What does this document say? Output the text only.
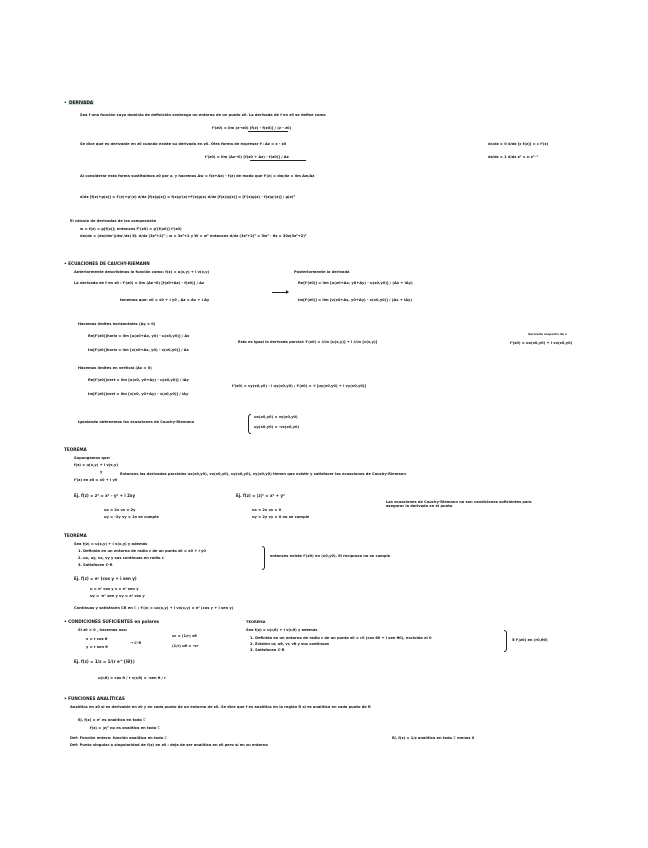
• DERIVADA
Sea f una función cuyo dominio de definición contenga un entorno de un punto z0. La derivada de f en z0 se define como
f'(z0) = lim (z→z0) [f(z) - f(z0)] / (z - z0)
Se dice que es derivable en z0 cuando existe su derivada en z0. Otra forma de expresar f': Δz = z - z0
f'(z0) = lim (Δz→0) [f(z0 + Δz) - f(z0)] / Δz
Al considerar esta forma sustituimos z0 por z, y hacemos Δw = f(z+Δz) - f(z) de modo que f'(z) = dw/dz = lim Δw/Δz
d/dz [f(z)+g(z)] = f'(z)+g'(z) d/dz [f(z)g(z)] = f(z)g'(z)+f'(z)g(z) d/dz [f(z)/g(z)] = [f'(z)g(z) - f(z)g'(z)] / g(z)²
dc/dz = 0 d/dz [c f(z)] = c f'(z)
dz/dz = 1 d/dz zⁿ = n zⁿ⁻¹
El cálculo de derivadas de las composición
w = f(z) = g[f(z)]; entonces F'(z0) = g'[f(z0)] f'(z0)
dw/dz = (dw/dw')(dw'/dz) Ej. d/dz (3z²+2)⁵ ; w = 3z²+2 y W = w⁵ entonces d/dz (3z²+2)⁵ = 5w⁴ · 6z = 30z(3z²+2)⁴
• ECUACIONES DE CAUCHY-RIEMANN
Anteriormente describimos la función como: f(z) = u(x,y) + i v(x,y)
La derivada de f en z0 : f'(z0) = lim (Δz→0) [f(z0+Δz) - f(z0)] / Δz
tenemos que: z0 = x0 + i y0 , Δz = Δx + i Δy
Posteriormente la derivada
Re[f'(z0)] = lim [u(x0+Δx, y0+Δy) - u(x0,y0)] / (Δx + iΔy)
Im[f'(z0)] = lim [v(x0+Δx, y0+Δy) - v(x0,y0)] / (Δx + iΔy)
Hacemos límites horizontales (Δy = 0)
Re[f'(z0)]horiz = lim [u(x0+Δx, y0) - u(x0,y0)] / Δx
Im[f'(z0)]horiz = lim [v(x0+Δx, y0) - v(x0,y0)] / Δx
Esto es igual la derivada parcial: f'(z0) = ∂/∂x [u(x,y)] + i ∂/∂x [v(x,y)]	f'(z0) = ux(x0,y0) + i vx(x0,y0)
derivada respecto de x
Hacemos límites en vertical (Δx = 0)
Re[f'(z0)]vert = lim [u(x0, y0+Δy) - u(x0,y0)] / iΔy
Im[f'(z0)]vert = lim [v(x0, y0+Δy) - v(x0,y0)] / iΔy
f'(z0) = vy(x0,y0) - i uy(x0,y0) ; f'(z0) = -i [uy(x0,y0) + i vy(x0,y0)]
Igualando obtenemos las ecuaciones de Cauchy-Riemann
ux(x0,y0) = vy(x0,y0)
uy(x0,y0) = -vx(x0,y0)
TEOREMA
Supongamos que:
f(z) = u(x,y) + i v(x,y)
y
f'(z) en z0 = x0 + i y0
Entonces las derivadas parciales ux(x0,y0), vx(x0,y0), uy(x0,y0), vy(x0,y0) tienen que existir y satisfacer las ecuaciones de Cauchy-Riemann
Ej. f(z) = z² = x² - y² + i 2xy
ux = 2x vx = 2y
uy = -2y vy = 2x se cumple
Ej. f(z) = |z|² = x² + y²
ux = 2x vx = 0
uy = 2y vy = 0 no se cumple
Las ecuaciones de Cauchy-Riemann no son condiciones suficientes para asegurar la derivada en el punto
TEOREMA
Sea f(z) = u(x,y) + i v(x,y) y además
1. Definida en un entorno de radio ε de un punto z0 = x0 + i y0
2. ux, uy, vx, vy y sus continuas en radio ε
3. Satisfacen C-R
entonces existe f'(z0) en (x0,y0). El recíproco no se cumple
Ej. f(z) = eˣ (cos y + i sen y)
u = eˣ cos y v = eˣ sen y
uy = -eˣ sen y vy = eˣ cos y
Continuas y satisfacen CR en ℂ ; f'(z) = ux(x,y) + i vx(x,y) = eˣ (cos y + i sen y)
• CONDICIONES SUFICIENTES en polares
Si z0 ≠ 0 , hacemos uso:
x = r cos θ
y = r sen θ
→ C-R
ur = (1/r) vθ
(1/r) uθ = -vr
Ej. f(z) = 1/z = 1/(r e^{iθ})
u(r,θ) = cos θ / r v(r,θ) = -sen θ / r
TEOREMA
Sea f(z) = u(r,θ) + i v(r,θ) y además
1. Definida en un entorno de radio ε de un punto z0 = r0 (cos θ0 + i sen θ0), excluido el 0
2. Existen ur, uθ, vr, vθ y sus continuas
3. Satisfacen C-R
∃ f'(z0) en (r0,θ0)
• FUNCIONES ANALÍTICAS
Analítica en z0 si es derivable en z0 y en cada punto de un entorno de z0. Se dice que f es analítica en la región R si es analítica en cada punto de R
Ej. f(z) = eᶻ es analítica en todo ℂ
f(z) = |z|² no es analítica en todo ℂ
Def: Función entera: función analítica en todo ℂ
Def: Punto singular o singularidad de f(z) en z0 : deja de ser analítica en z0 pero sí en su entorno
Ej. f(z) = 1/z analítica en todo ℂ menos 0
